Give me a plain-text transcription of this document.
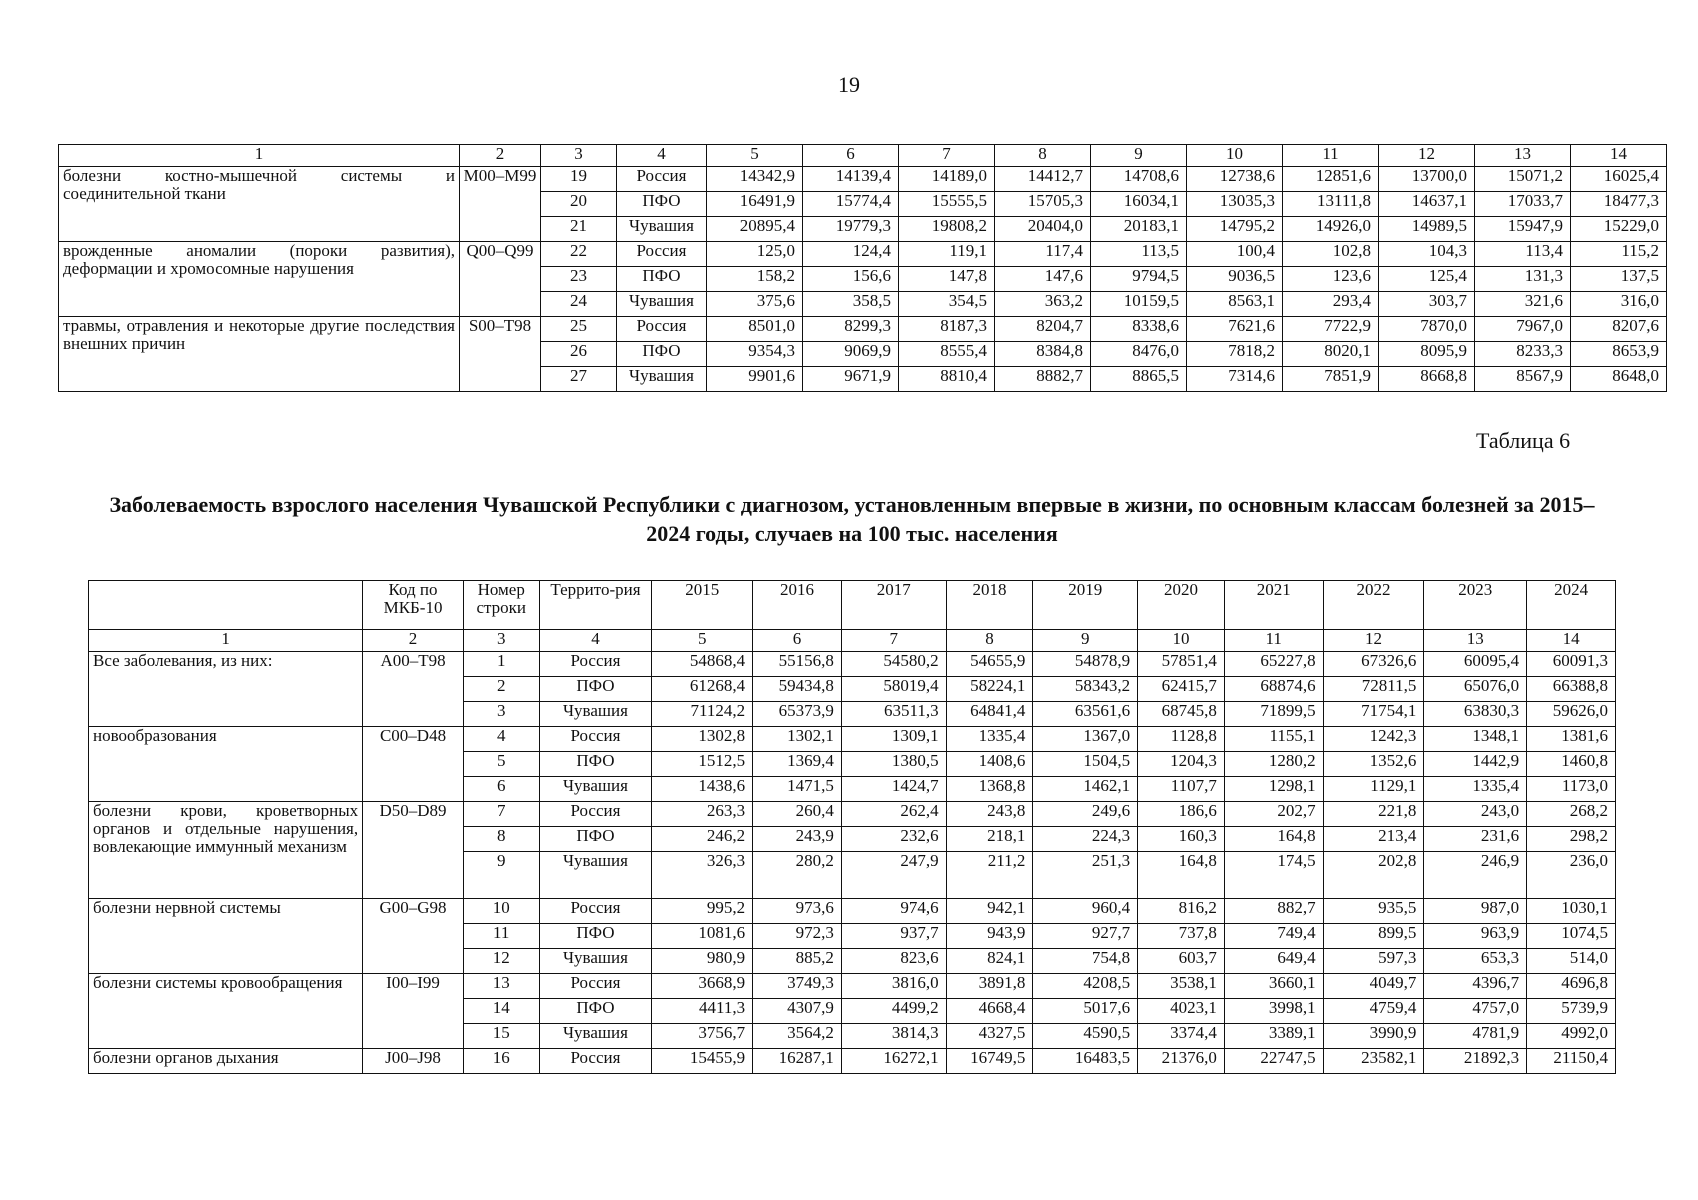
19
1	2	3	4	5	6	7	8	9	10	11	12	13	14
болезни костно-мышечной системы и соединительной ткани	M00–M99	19	Россия	14342,9	14139,4	14189,0	14412,7	14708,6	12738,6	12851,6	13700,0	15071,2	16025,4
		20	ПФО	16491,9	15774,4	15555,5	15705,3	16034,1	13035,3	13111,8	14637,1	17033,7	18477,3
		21	Чувашия	20895,4	19779,3	19808,2	20404,0	20183,1	14795,2	14926,0	14989,5	15947,9	15229,0
врожденные аномалии (пороки развития), деформации и хромосомные нарушения	Q00–Q99	22	Россия	125,0	124,4	119,1	117,4	113,5	100,4	102,8	104,3	113,4	115,2
		23	ПФО	158,2	156,6	147,8	147,6	9794,5	9036,5	123,6	125,4	131,3	137,5
		24	Чувашия	375,6	358,5	354,5	363,2	10159,5	8563,1	293,4	303,7	321,6	316,0
травмы, отравления и некоторые другие последствия внешних причин	S00–T98	25	Россия	8501,0	8299,3	8187,3	8204,7	8338,6	7621,6	7722,9	7870,0	7967,0	8207,6
		26	ПФО	9354,3	9069,9	8555,4	8384,8	8476,0	7818,2	8020,1	8095,9	8233,3	8653,9
		27	Чувашия	9901,6	9671,9	8810,4	8882,7	8865,5	7314,6	7851,9	8668,8	8567,9	8648,0
Таблица 6
Заболеваемость взрослого населения Чувашской Республики с диагнозом, установленным впервые в жизни, по основным классам болезней за 2015–2024 годы, случаев на 100 тыс. населения
	Код по МКБ-10	Номер строки	Террито-рия	2015	2016	2017	2018	2019	2020	2021	2022	2023	2024
1	2	3	4	5	6	7	8	9	10	11	12	13	14
Все заболевания, из них:	A00–T98	1	Россия	54868,4	55156,8	54580,2	54655,9	54878,9	57851,4	65227,8	67326,6	60095,4	60091,3
		2	ПФО	61268,4	59434,8	58019,4	58224,1	58343,2	62415,7	68874,6	72811,5	65076,0	66388,8
		3	Чувашия	71124,2	65373,9	63511,3	64841,4	63561,6	68745,8	71899,5	71754,1	63830,3	59626,0
новообразования	C00–D48	4	Россия	1302,8	1302,1	1309,1	1335,4	1367,0	1128,8	1155,1	1242,3	1348,1	1381,6
		5	ПФО	1512,5	1369,4	1380,5	1408,6	1504,5	1204,3	1280,2	1352,6	1442,9	1460,8
		6	Чувашия	1438,6	1471,5	1424,7	1368,8	1462,1	1107,7	1298,1	1129,1	1335,4	1173,0
болезни крови, кроветворных органов и отдельные нарушения, вовлекающие иммунный механизм	D50–D89	7	Россия	263,3	260,4	262,4	243,8	249,6	186,6	202,7	221,8	243,0	268,2
		8	ПФО	246,2	243,9	232,6	218,1	224,3	160,3	164,8	213,4	231,6	298,2
		9	Чувашия	326,3	280,2	247,9	211,2	251,3	164,8	174,5	202,8	246,9	236,0
болезни нервной системы	G00–G98	10	Россия	995,2	973,6	974,6	942,1	960,4	816,2	882,7	935,5	987,0	1030,1
		11	ПФО	1081,6	972,3	937,7	943,9	927,7	737,8	749,4	899,5	963,9	1074,5
		12	Чувашия	980,9	885,2	823,6	824,1	754,8	603,7	649,4	597,3	653,3	514,0
болезни системы кровообращения	I00–I99	13	Россия	3668,9	3749,3	3816,0	3891,8	4208,5	3538,1	3660,1	4049,7	4396,7	4696,8
		14	ПФО	4411,3	4307,9	4499,2	4668,4	5017,6	4023,1	3998,1	4759,4	4757,0	5739,9
		15	Чувашия	3756,7	3564,2	3814,3	4327,5	4590,5	3374,4	3389,1	3990,9	4781,9	4992,0
болезни органов дыхания	J00–J98	16	Россия	15455,9	16287,1	16272,1	16749,5	16483,5	21376,0	22747,5	23582,1	21892,3	21150,4
